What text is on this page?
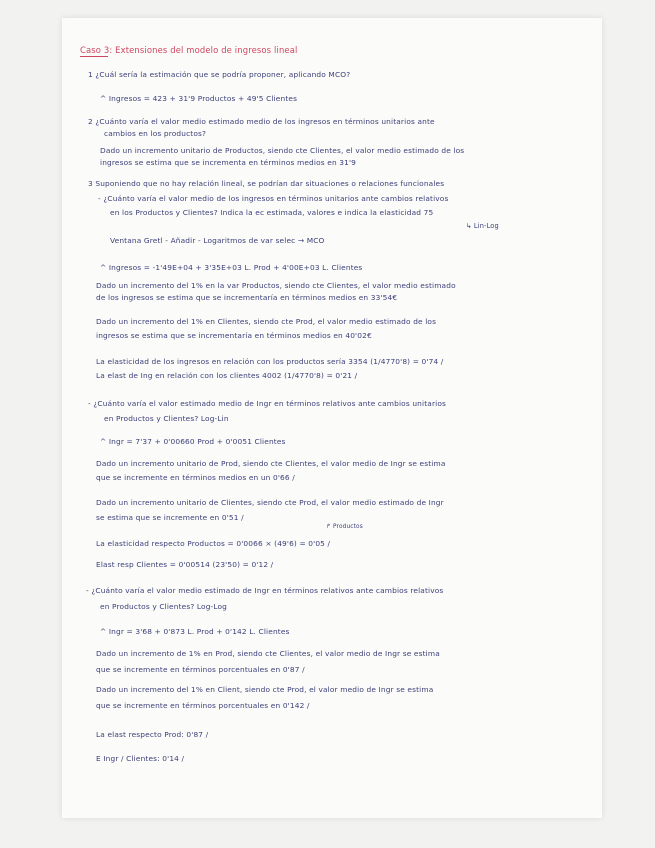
Caso 3: Extensiones del modelo de ingresos lineal
1 ¿Cuál sería la estimación que se podría proponer, aplicando MCO?
^ Ingresos = 423 + 31'9 Productos + 49'5 Clientes
2 ¿Cuánto varía el valor medio estimado medio de los ingresos en términos unitarios ante
cambios en los productos?
Dado un incremento unitario de Productos, siendo cte Clientes, el valor medio estimado de los
ingresos se estima que se incrementa en términos medios en 31'9
3 Suponiendo que no hay relación lineal, se podrían dar situaciones o relaciones funcionales
- ¿Cuánto varía el valor medio de los ingresos en términos unitarios ante cambios relativos
en los Productos y Clientes? Indica la ec estimada, valores e indica la elasticidad 75
↳ Lin-Log
Ventana Gretl - Añadir - Logaritmos de var selec → MCO
^ Ingresos = -1'49E+04 + 3'35E+03 L. Prod + 4'00E+03 L. Clientes
Dado un incremento del 1% en la var Productos, siendo cte Clientes, el valor medio estimado
de los ingresos se estima que se incrementaría en términos medios en 33'54€
Dado un incremento del 1% en Clientes, siendo cte Prod, el valor medio estimado de los
ingresos se estima que se incrementaría en términos medios en 40'02€
La elasticidad de los ingresos en relación con los productos sería 3354 (1/4770'8) = 0'74 /
La elast de Ing en relación con los clientes 4002 (1/4770'8) = 0'21 /
- ¿Cuánto varía el valor estimado medio de Ingr en términos relativos ante cambios unitarios
en Productos y Clientes? Log-Lin
^ Ingr = 7'37 + 0'00660 Prod + 0'0051 Clientes
Dado un incremento unitario de Prod, siendo cte Clientes, el valor medio de Ingr se estima
que se incremente en términos medios en un 0'66 /
Dado un incremento unitario de Clientes, siendo cte Prod, el valor medio estimado de Ingr
se estima que se incremente en 0'51 /
↱ Productos
La elasticidad respecto Productos = 0'0066 × (49'6) = 0'05 /
Elast resp Clientes = 0'00514 (23'50) = 0'12 /
- ¿Cuánto varía el valor medio estimado de Ingr en términos relativos ante cambios relativos
en Productos y Clientes? Log-Log
^ Ingr = 3'68 + 0'873 L. Prod + 0'142 L. Clientes
Dado un incremento de 1% en Prod, siendo cte Clientes, el valor medio de Ingr se estima
que se incremente en términos porcentuales en 0'87 /
Dado un incremento del 1% en Client, siendo cte Prod, el valor medio de Ingr se estima
que se incremente en términos porcentuales en 0'142 /
La elast respecto Prod: 0'87 /
E Ingr / Clientes: 0'14 /
